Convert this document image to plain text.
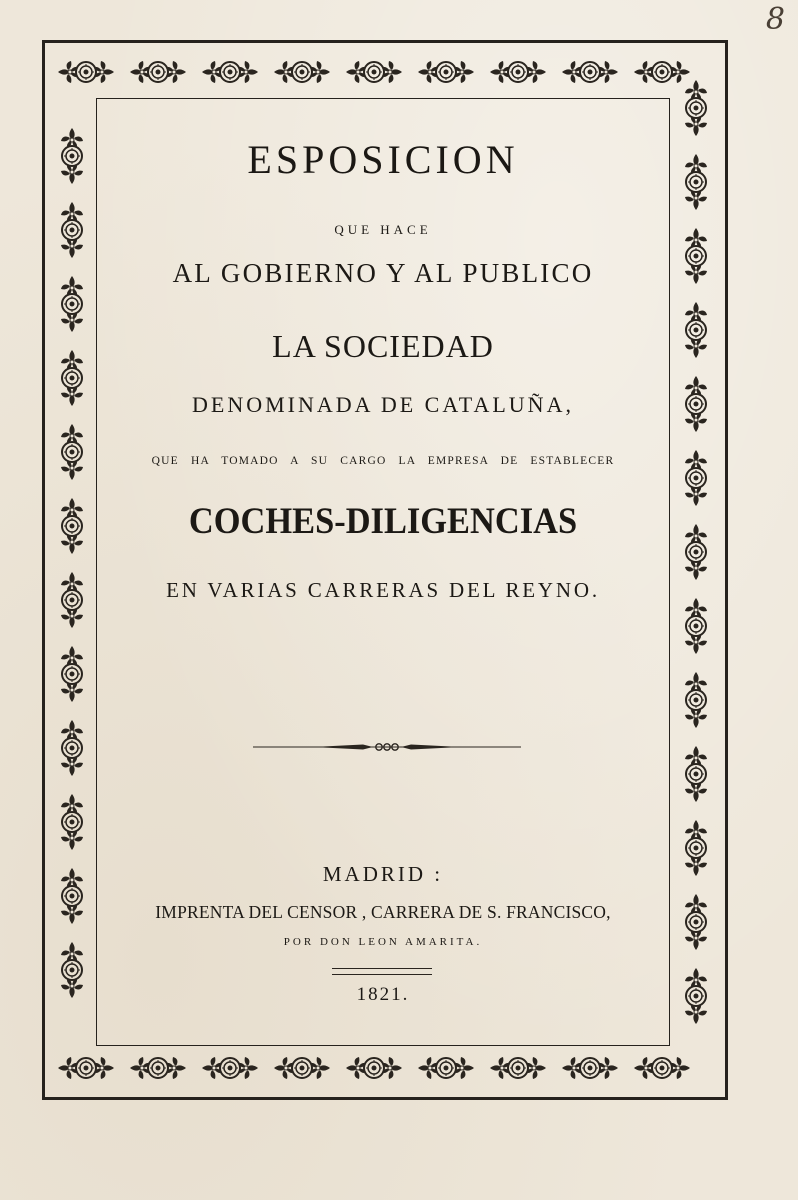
8
ESPOSICION
QUE HACE
AL GOBIERNO Y AL PUBLICO
LA SOCIEDAD
DENOMINADA DE CATALUÑA,
QUE HA TOMADO A SU CARGO LA EMPRESA DE ESTABLECER
COCHES-DILIGENCIAS
EN VARIAS CARRERAS DEL REYNO.
MADRID :
IMPRENTA DEL CENSOR , CARRERA DE S. FRANCISCO,
POR DON LEON AMARITA.
1821.
